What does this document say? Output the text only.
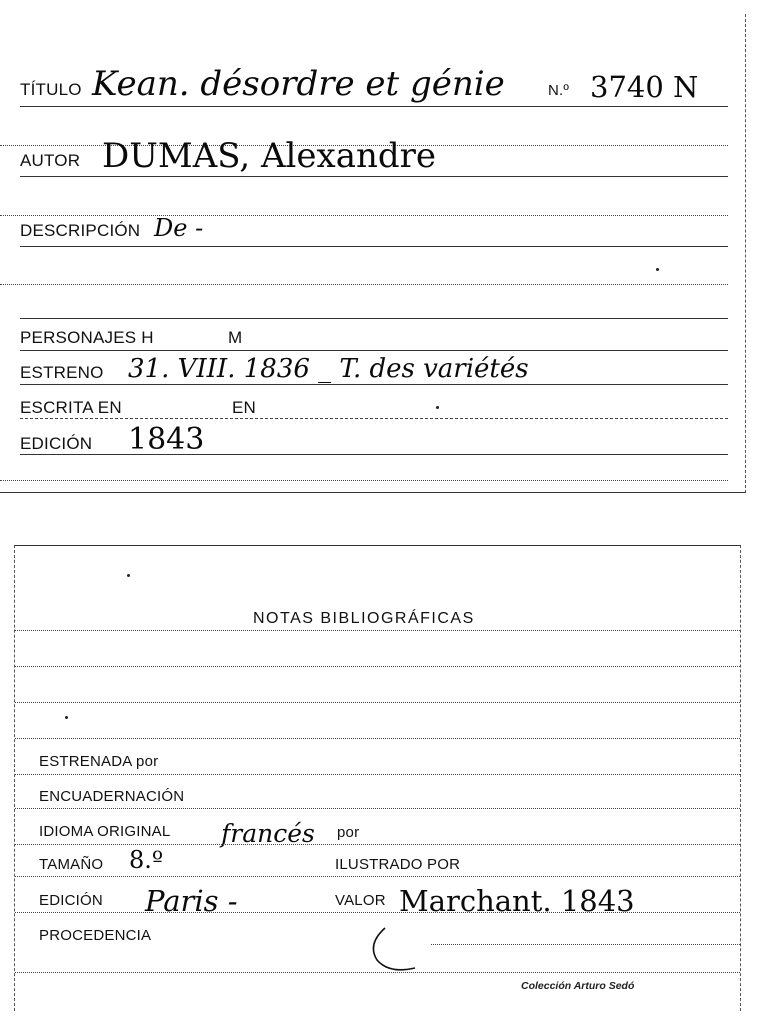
TÍTULO Kean. désordre et génie	N.º 3740 N
AUTOR DUMAS, Alexandre
DESCRIPCIÓN De -
PERSONAJES H	M
ESTRENO 31. VIII. 1836 _ T. des variétés
ESCRITA EN	EN
EDICIÓN 1843
NOTAS BIBLIOGRÁFICAS
ESTRENADA por
ENCUADERNACIÓN
IDIOMA ORIGINAL francés por
TAMAÑO 8.º	ILUSTRADO POR
EDICIÓN Paris -	VALOR Marchant. 1843
PROCEDENCIA
Colección Arturo Sedó
